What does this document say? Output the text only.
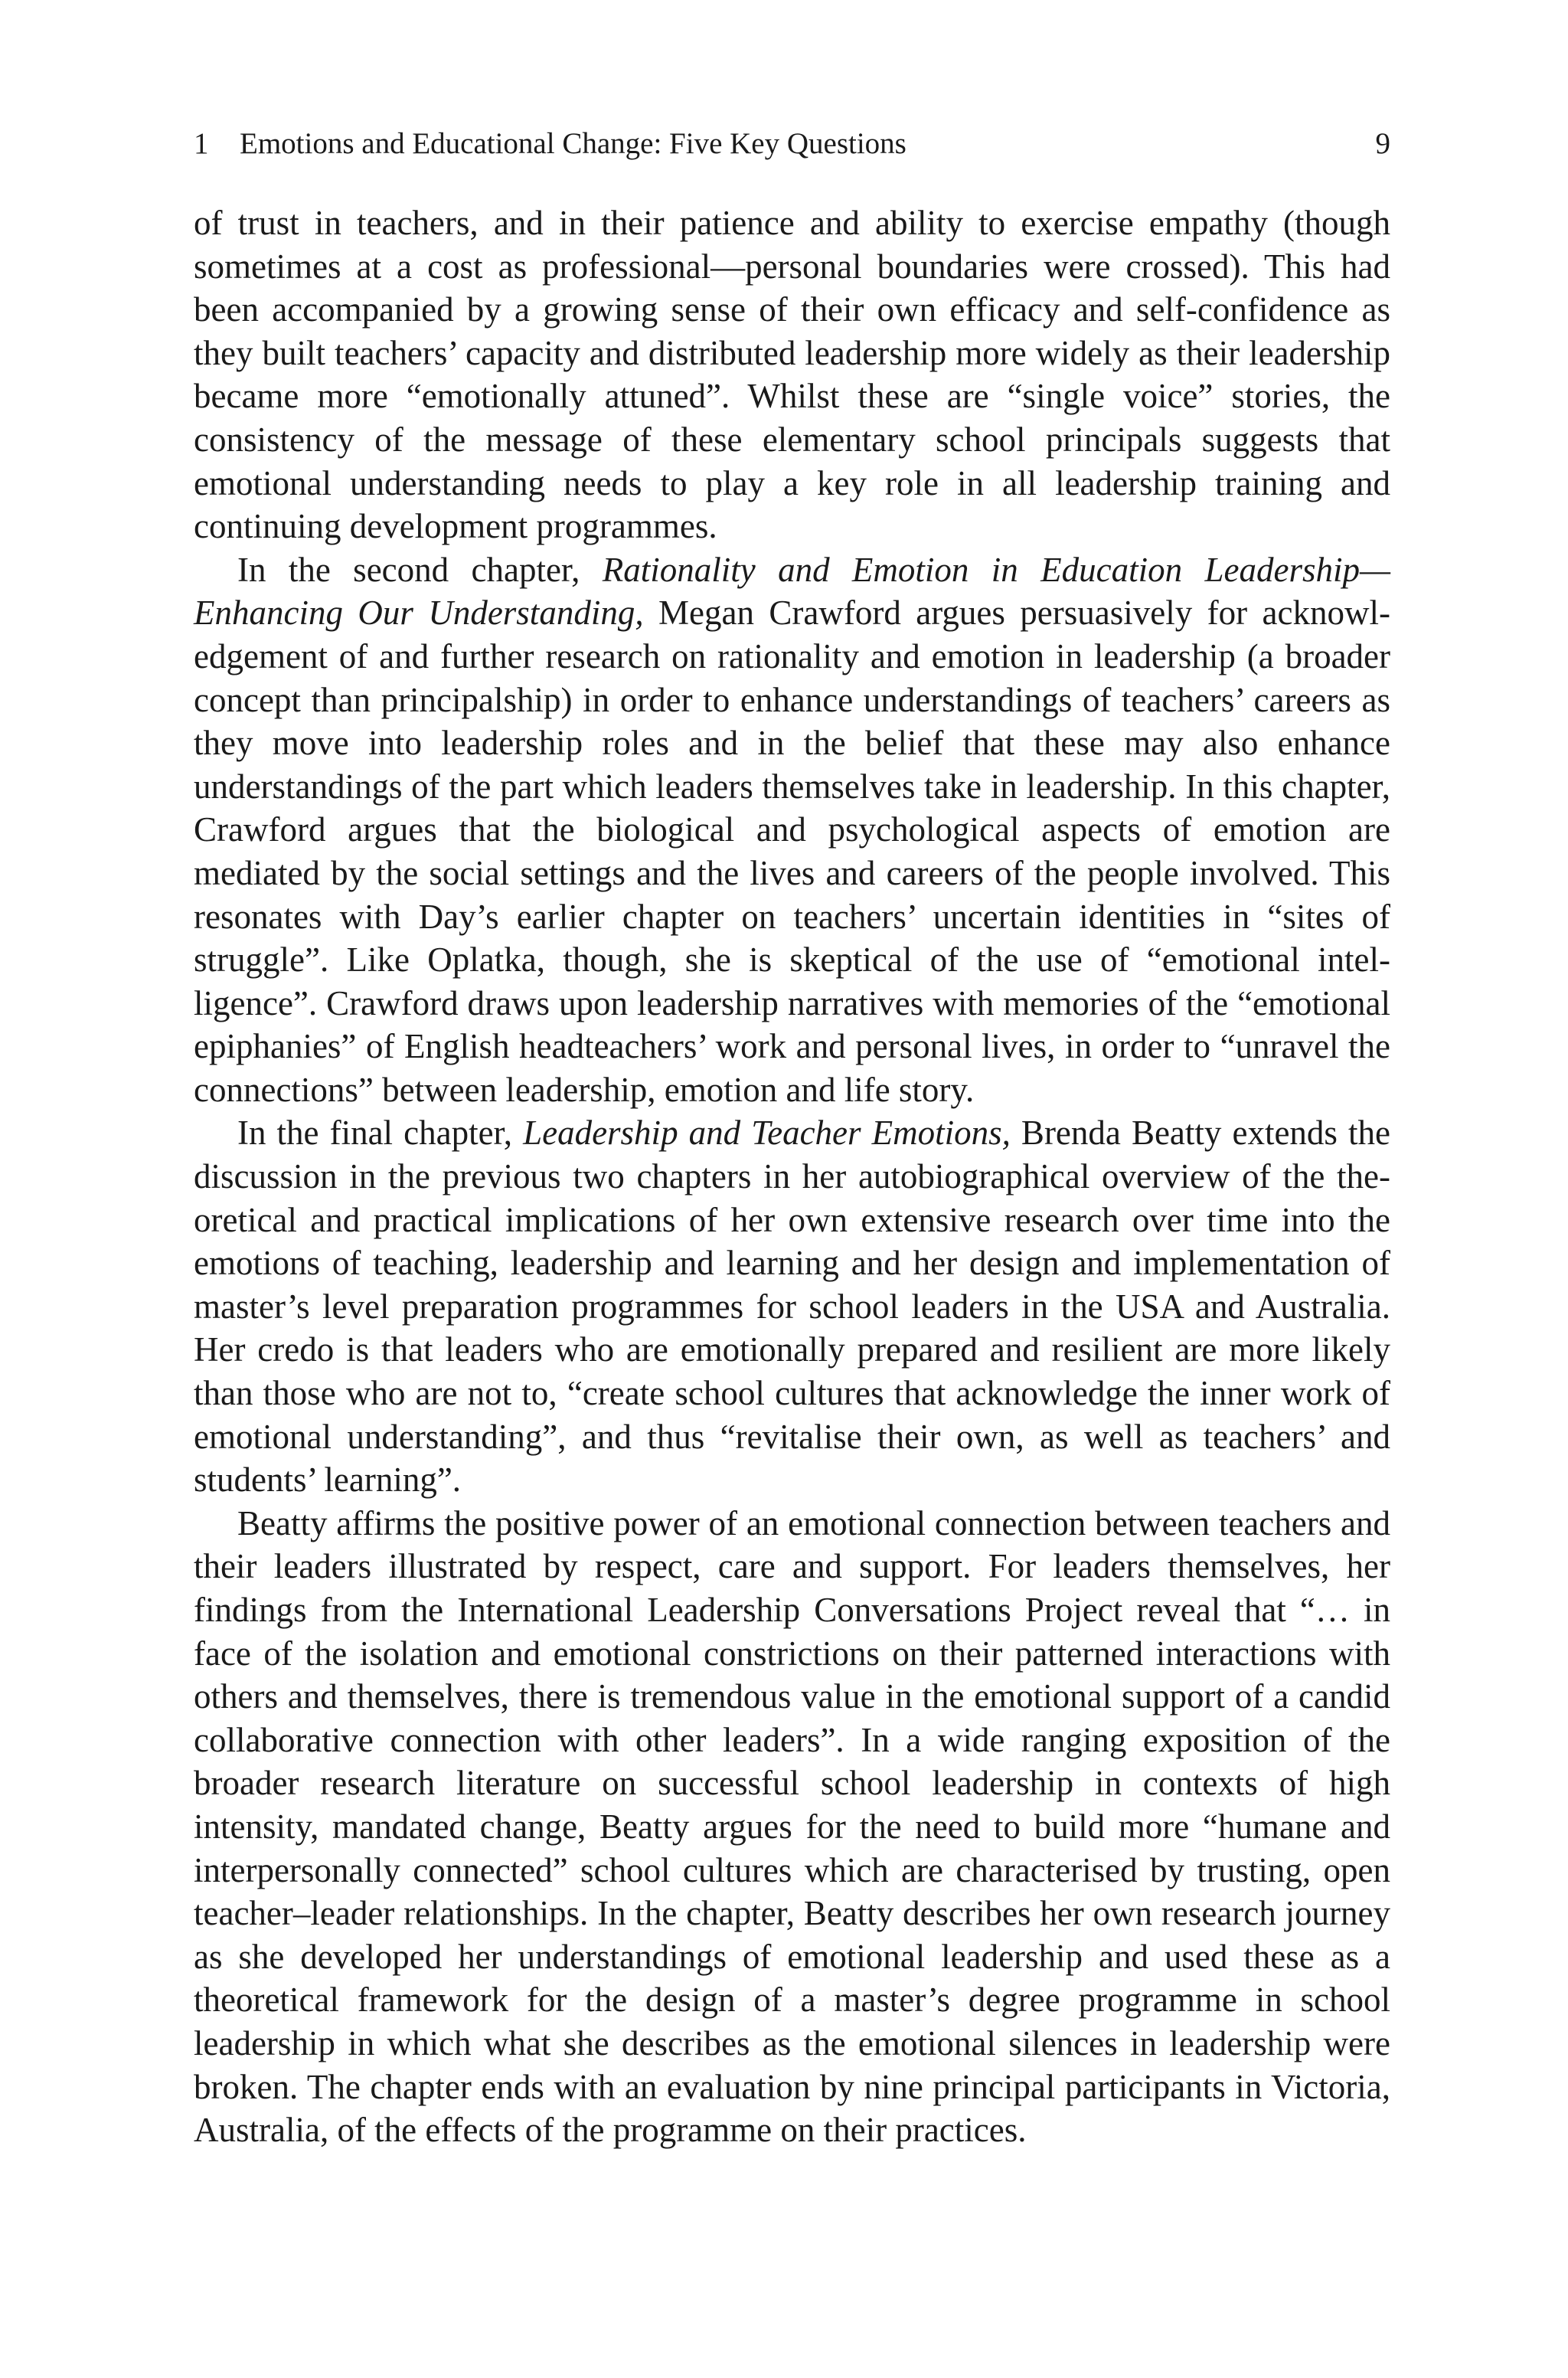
1 Emotions and Educational Change: Five Key Questions	9

of trust in teachers, and in their patience and ability to exercise empathy (though sometimes at a cost as professional—personal boundaries were crossed). This had been accompanied by a growing sense of their own efficacy and self-confidence as they built teachers’ capacity and distributed leadership more widely as their leadership became more “emotionally attuned”. Whilst these are “single voice” stories, the consistency of the message of these elementary school principals suggests that emotional understanding needs to play a key role in all leadership training and continuing development programmes.

In the second chapter, Rationality and Emotion in Education Leadership—Enhancing Our Understanding, Megan Crawford argues persuasively for acknowledgement of and further research on rationality and emotion in leadership (a broader concept than principalship) in order to enhance understandings of teachers’ careers as they move into leadership roles and in the belief that these may also enhance understandings of the part which leaders themselves take in leadership. In this chapter, Crawford argues that the biological and psychological aspects of emotion are mediated by the social settings and the lives and careers of the people involved. This resonates with Day’s earlier chapter on teachers’ uncertain identities in “sites of struggle”. Like Oplatka, though, she is skeptical of the use of “emotional intelligence”. Crawford draws upon leadership narratives with memories of the “emotional epiphanies” of English headteachers’ work and personal lives, in order to “unravel the connections” between leadership, emotion and life story.

In the final chapter, Leadership and Teacher Emotions, Brenda Beatty extends the discussion in the previous two chapters in her autobiographical overview of the theoretical and practical implications of her own extensive research over time into the emotions of teaching, leadership and learning and her design and implementation of master’s level preparation programmes for school leaders in the USA and Australia. Her credo is that leaders who are emotionally prepared and resilient are more likely than those who are not to, “create school cultures that acknowledge the inner work of emotional understanding”, and thus “revitalise their own, as well as teachers’ and students’ learning”.

Beatty affirms the positive power of an emotional connection between teachers and their leaders illustrated by respect, care and support. For leaders themselves, her findings from the International Leadership Conversations Project reveal that “… in face of the isolation and emotional constrictions on their patterned interactions with others and themselves, there is tremendous value in the emotional support of a candid collaborative connection with other leaders”. In a wide ranging exposition of the broader research literature on successful school leadership in contexts of high intensity, mandated change, Beatty argues for the need to build more “humane and interpersonally connected” school cultures which are characterised by trusting, open teacher–leader relationships. In the chapter, Beatty describes her own research journey as she developed her understandings of emotional leadership and used these as a theoretical framework for the design of a master’s degree programme in school leadership in which what she describes as the emotional silences in leadership were broken. The chapter ends with an evaluation by nine principal participants in Victoria, Australia, of the effects of the programme on their practices.
